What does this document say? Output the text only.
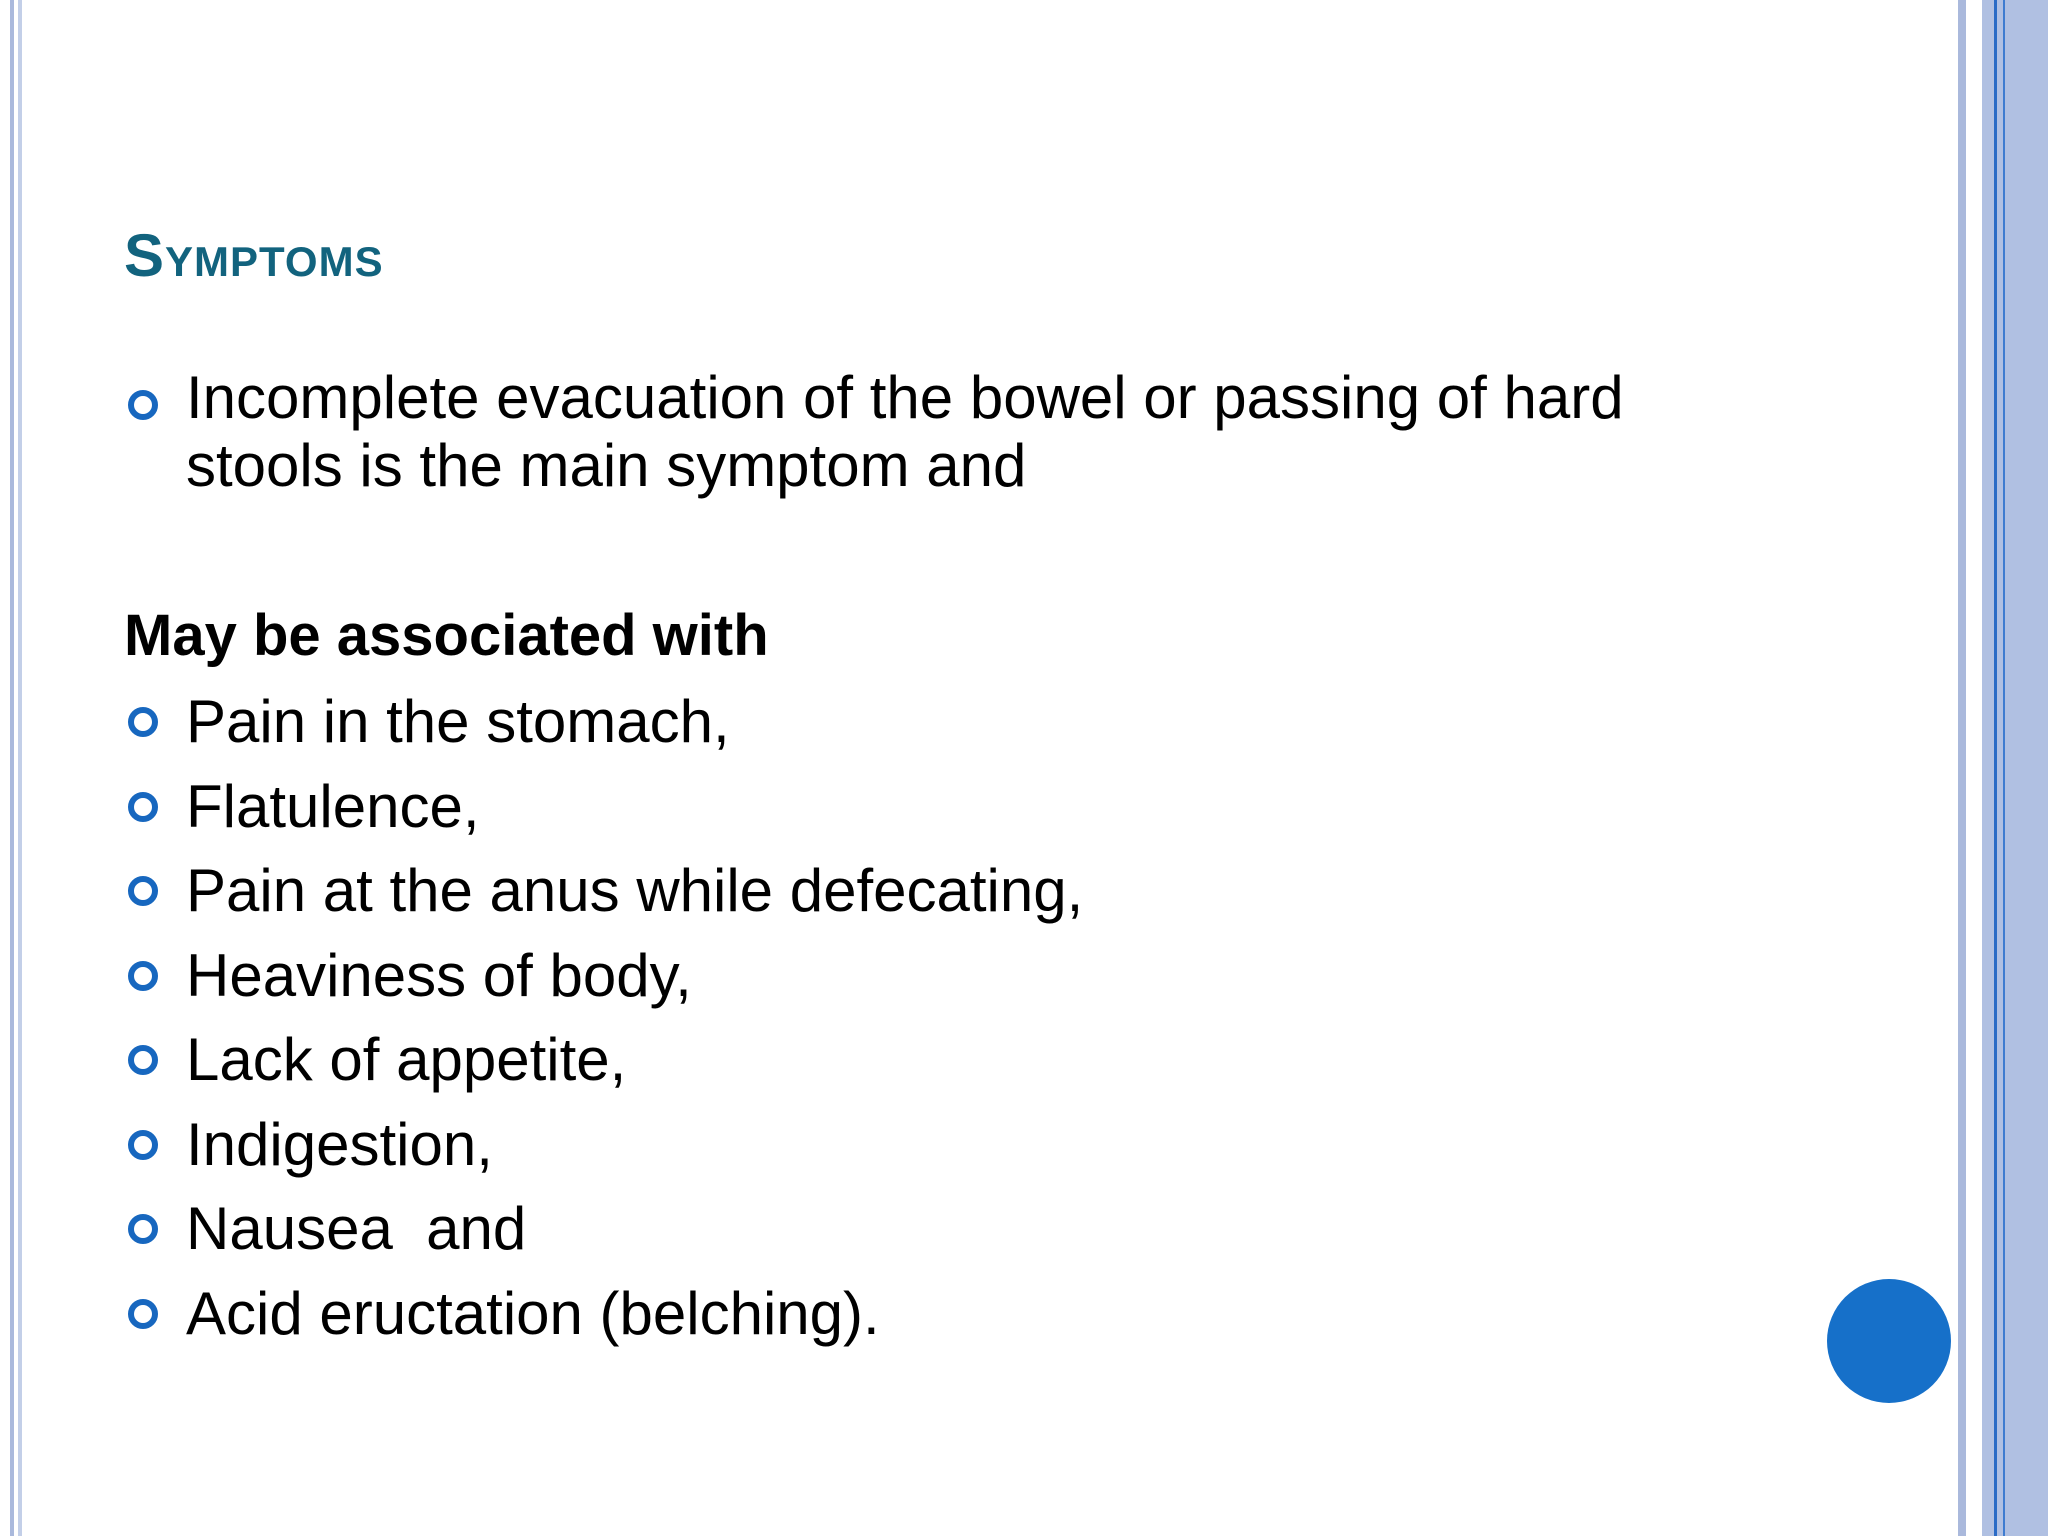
Symptoms
Incomplete evacuation of the bowel or passing of hard
stools is the main symptom and
May be associated with
Pain in the stomach,
Flatulence,
Pain at the anus while defecating,
Heaviness of body,
Lack of appetite,
Indigestion,
Nausea  and
Acid eructation (belching).
